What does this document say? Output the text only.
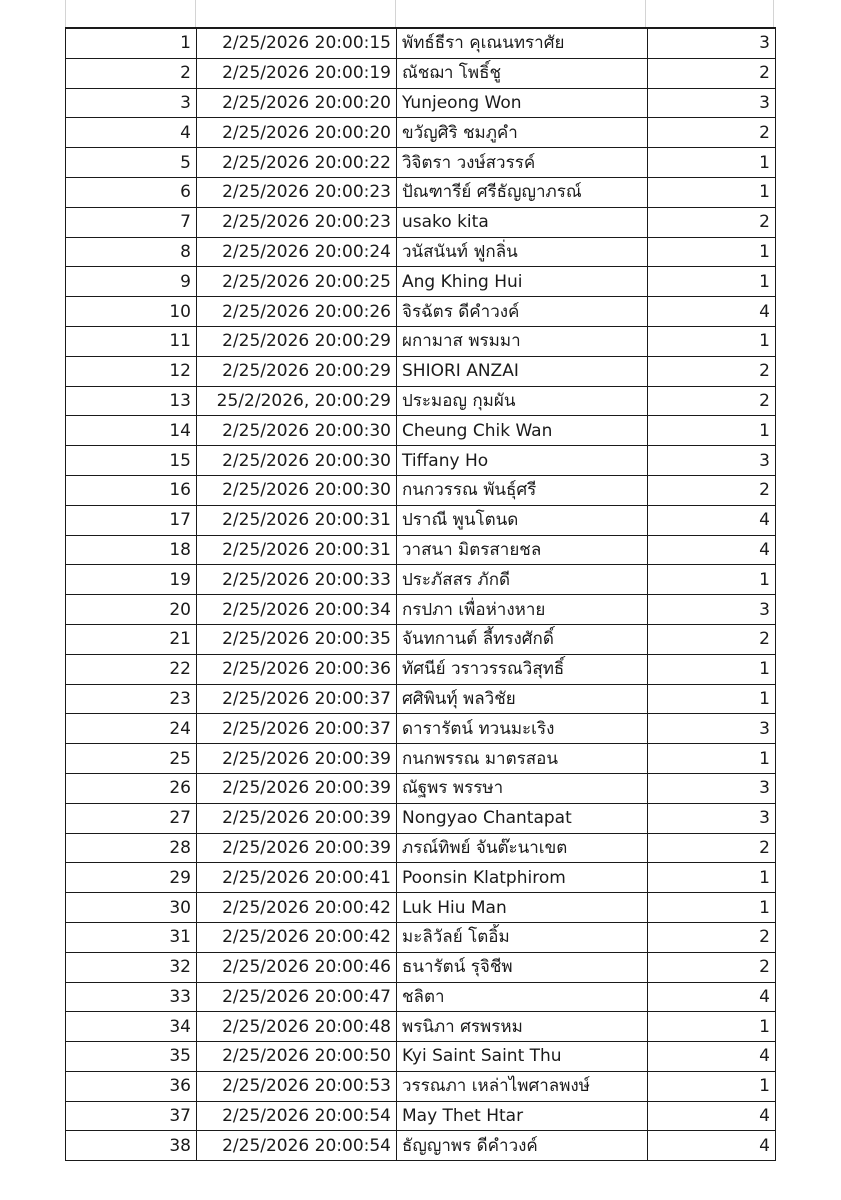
1	2/25/2026 20:00:15	พัทธ์ธีรา คุเณนทราศัย	3
2	2/25/2026 20:00:19	ณัชฌา โพธิ์ชู	2
3	2/25/2026 20:00:20	Yunjeong Won	3
4	2/25/2026 20:00:20	ขวัญศิริ ชมภูคำ	2
5	2/25/2026 20:00:22	วิจิตรา วงษ์สวรรค์	1
6	2/25/2026 20:00:23	ปัณฑารีย์ ศรีธัญญาภรณ์	1
7	2/25/2026 20:00:23	usako kita	2
8	2/25/2026 20:00:24	วนัสนันท์ ฟูกลิ่น	1
9	2/25/2026 20:00:25	Ang Khing Hui	1
10	2/25/2026 20:00:26	จิรฉัตร ดีคำวงค์	4
11	2/25/2026 20:00:29	ผกามาส พรมมา	1
12	2/25/2026 20:00:29	SHIORI ANZAI	2
13	25/2/2026, 20:00:29	ประมอญ กุมผัน	2
14	2/25/2026 20:00:30	Cheung Chik Wan	1
15	2/25/2026 20:00:30	Tiffany Ho	3
16	2/25/2026 20:00:30	กนกวรรณ พันธุ์ศรี	2
17	2/25/2026 20:00:31	ปราณี พูนโตนด	4
18	2/25/2026 20:00:31	วาสนา มิตรสายชล	4
19	2/25/2026 20:00:33	ประภัสสร ภักดี	1
20	2/25/2026 20:00:34	กรปภา เพื่อห่างหาย	3
21	2/25/2026 20:00:35	จันทกานต์ ลี้ทรงศักดิ์	2
22	2/25/2026 20:00:36	ทัศนีย์ วราวรรณวิสุทธิ์	1
23	2/25/2026 20:00:37	ศศิพินท์ุ พลวิชัย	1
24	2/25/2026 20:00:37	ดารารัตน์ ทวนมะเริง	3
25	2/25/2026 20:00:39	กนกพรรณ มาตรสอน	1
26	2/25/2026 20:00:39	ณัฐพร พรรษา	3
27	2/25/2026 20:00:39	Nongyao Chantapat	3
28	2/25/2026 20:00:39	ภรณ์ทิพย์ จันต๊ะนาเขต	2
29	2/25/2026 20:00:41	Poonsin Klatphirom	1
30	2/25/2026 20:00:42	Luk Hiu Man	1
31	2/25/2026 20:00:42	มะลิวัลย์ โตอิ้ม	2
32	2/25/2026 20:00:46	ธนารัตน์ รุจิชีพ	2
33	2/25/2026 20:00:47	ชลิตา	4
34	2/25/2026 20:00:48	พรนิภา ศรพรหม	1
35	2/25/2026 20:00:50	Kyi Saint Saint Thu	4
36	2/25/2026 20:00:53	วรรณภา เหล่าไพศาลพงษ์	1
37	2/25/2026 20:00:54	May Thet Htar	4
38	2/25/2026 20:00:54	ธัญญาพร ดีคำวงค์	4
